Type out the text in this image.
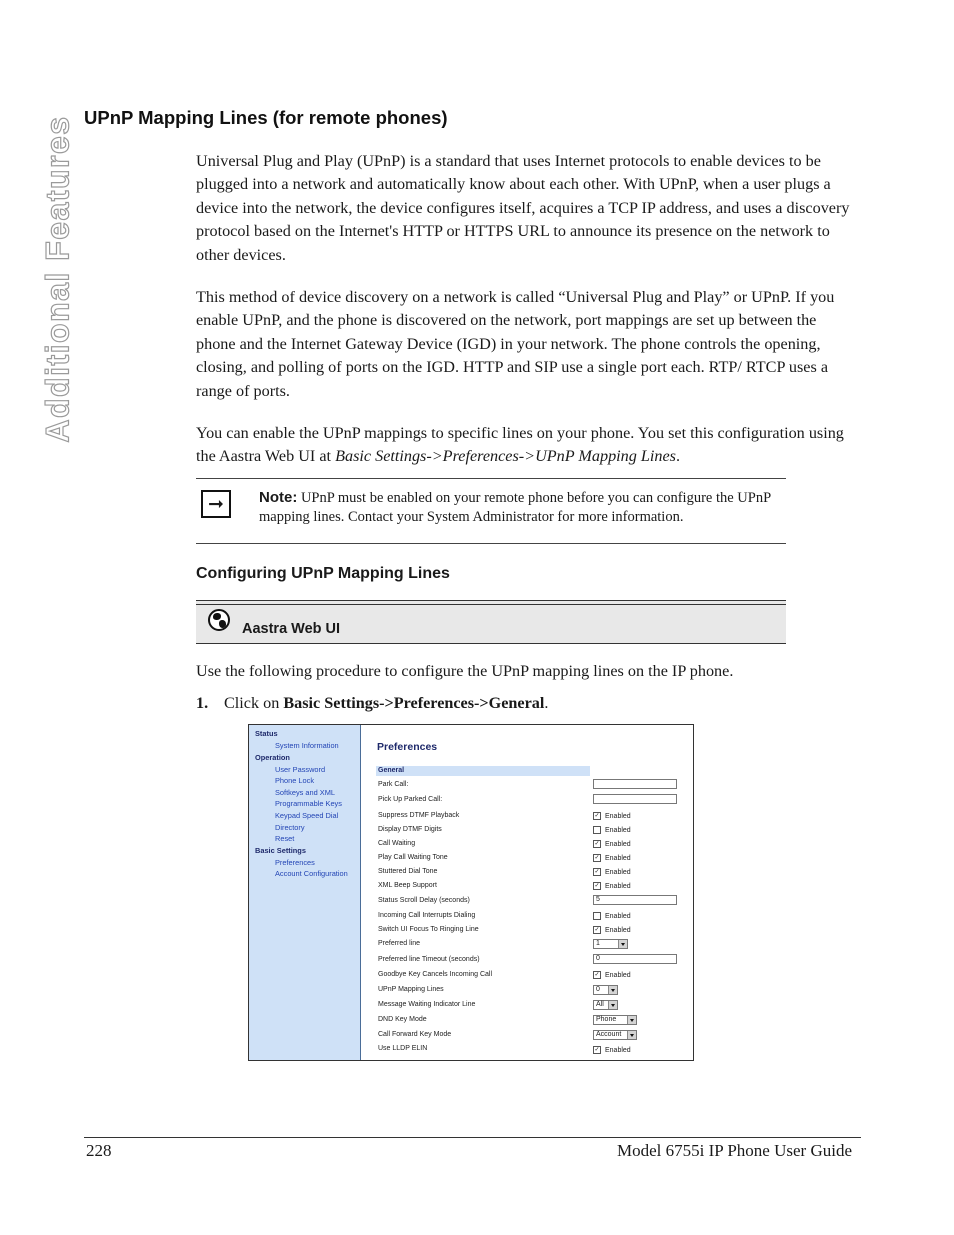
Additional Features UPnP Mapping Lines (for remote phones)

Universal Plug and Play (UPnP) is a standard that uses Internet protocols to enable devices to be plugged into a network and automatically know about each other. With UPnP, when a user plugs a device into the network, the device configures itself, acquires a TCP IP address, and uses a discovery protocol based on the Internet's HTTP or HTTPS URL to announce its presence on the network to other devices.

This method of device discovery on a network is called “Universal Plug and Play” or UPnP. If you enable UPnP, and the phone is discovered on the network, port mappings are set up between the phone and the Internet Gateway Device (IGD) in your network. The phone controls the opening, closing, and polling of ports on the IGD. HTTP and SIP use a single port each. RTP/ RTCP uses a range of ports.

You can enable the UPnP mappings to specific lines on your phone. You set this configuration using the Aastra Web UI at Basic Settings->Preferences->UPnP Mapping Lines.

➞	Note: UPnP must be enabled on your remote phone before you can configure the UPnP mapping lines. Contact your System Administrator for more information.
Configuring UPnP Mapping Lines
Aastra Web UI

Use the following procedure to configure the UPnP mapping lines on the IP phone.

1. Click on Basic Settings->Preferences->General.
Status
System Information
Operation
User Password
Phone Lock
Softkeys and XML
Programmable Keys
Keypad Speed Dial
Directory
Reset
Basic Settings
Preferences
Account Configuration
Preferences
General
Park Call:
Pick Up Parked Call:
Suppress DTMF Playback	✓ Enabled
Display DTMF Digits	Enabled
Call Waiting	✓ Enabled
Play Call Waiting Tone	✓ Enabled
Stuttered Dial Tone	✓ Enabled
XML Beep Support	✓ Enabled
Status Scroll Delay (seconds)	5
Incoming Call Interrupts Dialing	Enabled
Switch UI Focus To Ringing Line	✓ Enabled
Preferred line	1
Preferred line Timeout (seconds)	0
Goodbye Key Cancels Incoming Call	✓ Enabled
UPnP Mapping Lines	0
Message Waiting Indicator Line	All
DND Key Mode	Phone
Call Forward Key Mode	Account
Use LLDP ELIN	✓ Enabled
228	Model 6755i IP Phone User Guide
